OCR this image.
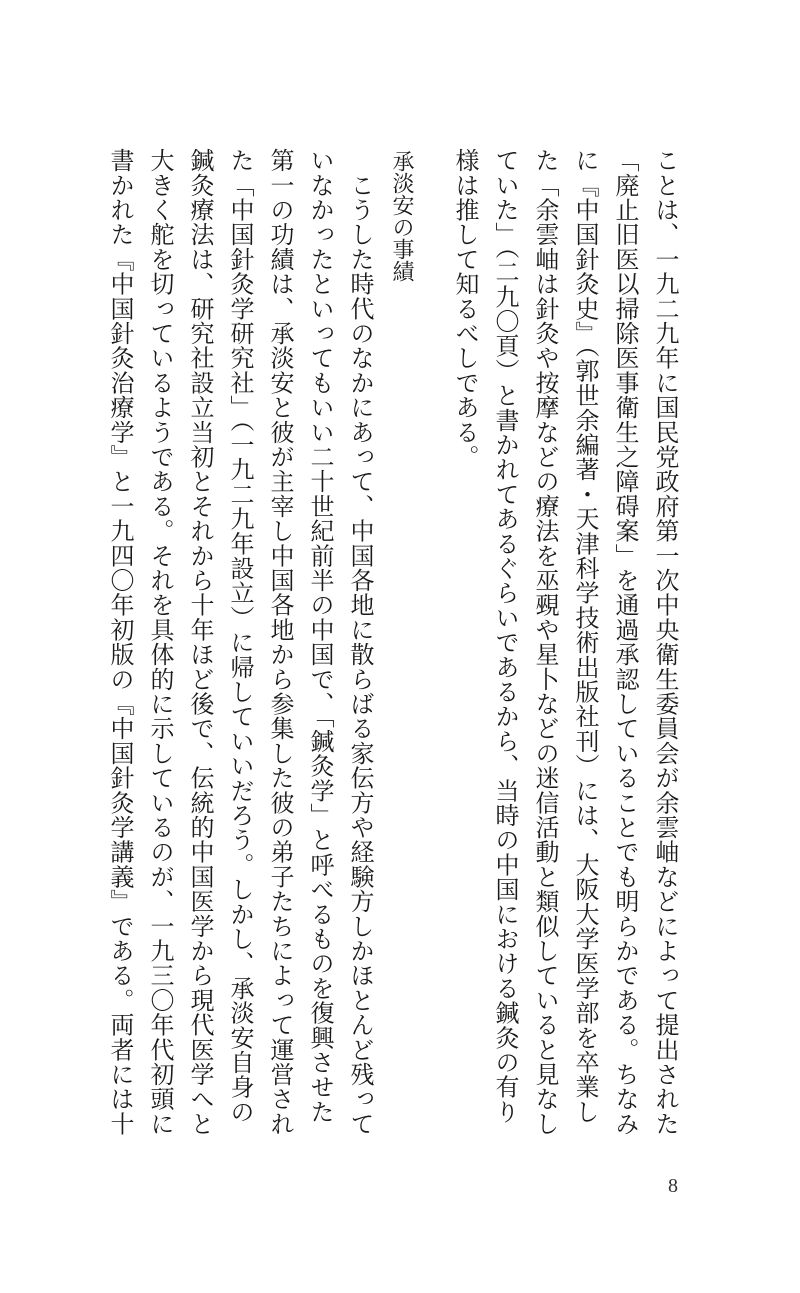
ことは、一九二九年に国民党政府第一次中央衛生委員会が余雲岫などによって提出された
「廃止旧医以掃除医事衛生之障碍案」を通過承認していることでも明らかである。ちなみ
に『中国針灸史』（郭世余編著・天津科学技術出版社刊）には、大阪大学医学部を卒業し
た「余雲岫は針灸や按摩などの療法を巫覡や星卜などの迷信活動と類似していると見なし
ていた」（二九〇頁）と書かれてあるぐらいであるから、当時の中国における鍼灸の有り
様は推して知るべしである。
承淡安の事績
　こうした時代のなかにあって、中国各地に散らばる家伝方や経験方しかほとんど残って
いなかったといってもいい二十世紀前半の中国で、「鍼灸学」と呼べるものを復興させた
第一の功績は、承淡安と彼が主宰し中国各地から参集した彼の弟子たちによって運営され
た「中国針灸学研究社」（一九二九年設立）に帰していいだろう。しかし、承淡安自身の
鍼灸療法は、研究社設立当初とそれから十年ほど後で、伝統的中国医学から現代医学へと
大きく舵を切っているようである。それを具体的に示しているのが、一九三〇年代初頭に
書かれた『中国針灸治療学』と一九四〇年初版の『中国針灸学講義』である。両者には十
8
